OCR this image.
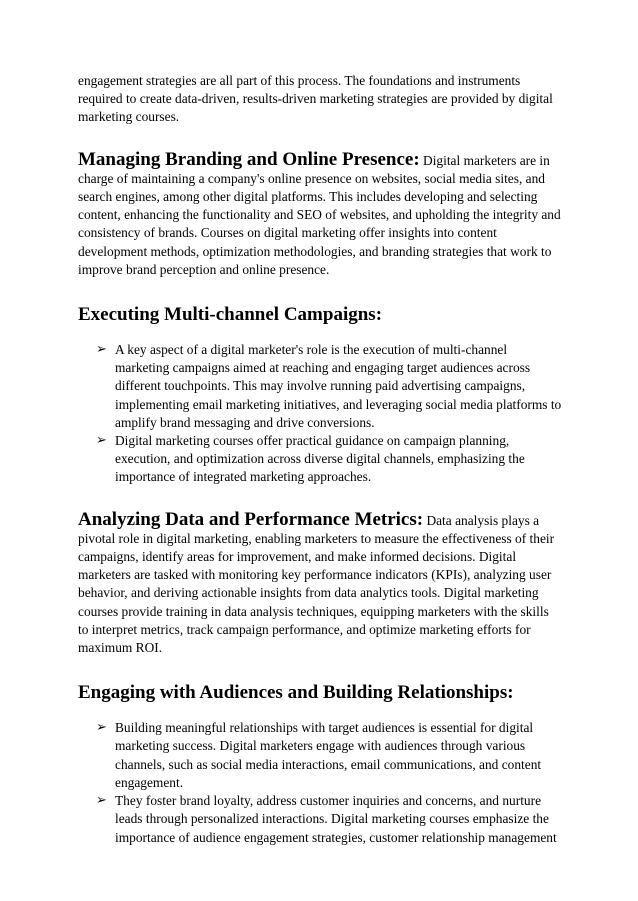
engagement strategies are all part of this process. The foundations and instruments required to create data-driven, results-driven marketing strategies are provided by digital marketing courses.

Managing Branding and Online Presence: Digital marketers are in charge of maintaining a company's online presence on websites, social media sites, and search engines, among other digital platforms. This includes developing and selecting content, enhancing the functionality and SEO of websites, and upholding the integrity and consistency of brands. Courses on digital marketing offer insights into content development methods, optimization methodologies, and branding strategies that work to improve brand perception and online presence.

Executing Multi-channel Campaigns:
➢ A key aspect of a digital marketer's role is the execution of multi-channel marketing campaigns aimed at reaching and engaging target audiences across different touchpoints. This may involve running paid advertising campaigns, implementing email marketing initiatives, and leveraging social media platforms to amplify brand messaging and drive conversions.
➢ Digital marketing courses offer practical guidance on campaign planning, execution, and optimization across diverse digital channels, emphasizing the importance of integrated marketing approaches.

Analyzing Data and Performance Metrics: Data analysis plays a pivotal role in digital marketing, enabling marketers to measure the effectiveness of their campaigns, identify areas for improvement, and make informed decisions. Digital marketers are tasked with monitoring key performance indicators (KPIs), analyzing user behavior, and deriving actionable insights from data analytics tools. Digital marketing courses provide training in data analysis techniques, equipping marketers with the skills to interpret metrics, track campaign performance, and optimize marketing efforts for maximum ROI.

Engaging with Audiences and Building Relationships:
➢ Building meaningful relationships with target audiences is essential for digital marketing success. Digital marketers engage with audiences through various channels, such as social media interactions, email communications, and content engagement.
➢ They foster brand loyalty, address customer inquiries and concerns, and nurture leads through personalized interactions. Digital marketing courses emphasize the importance of audience engagement strategies, customer relationship management
